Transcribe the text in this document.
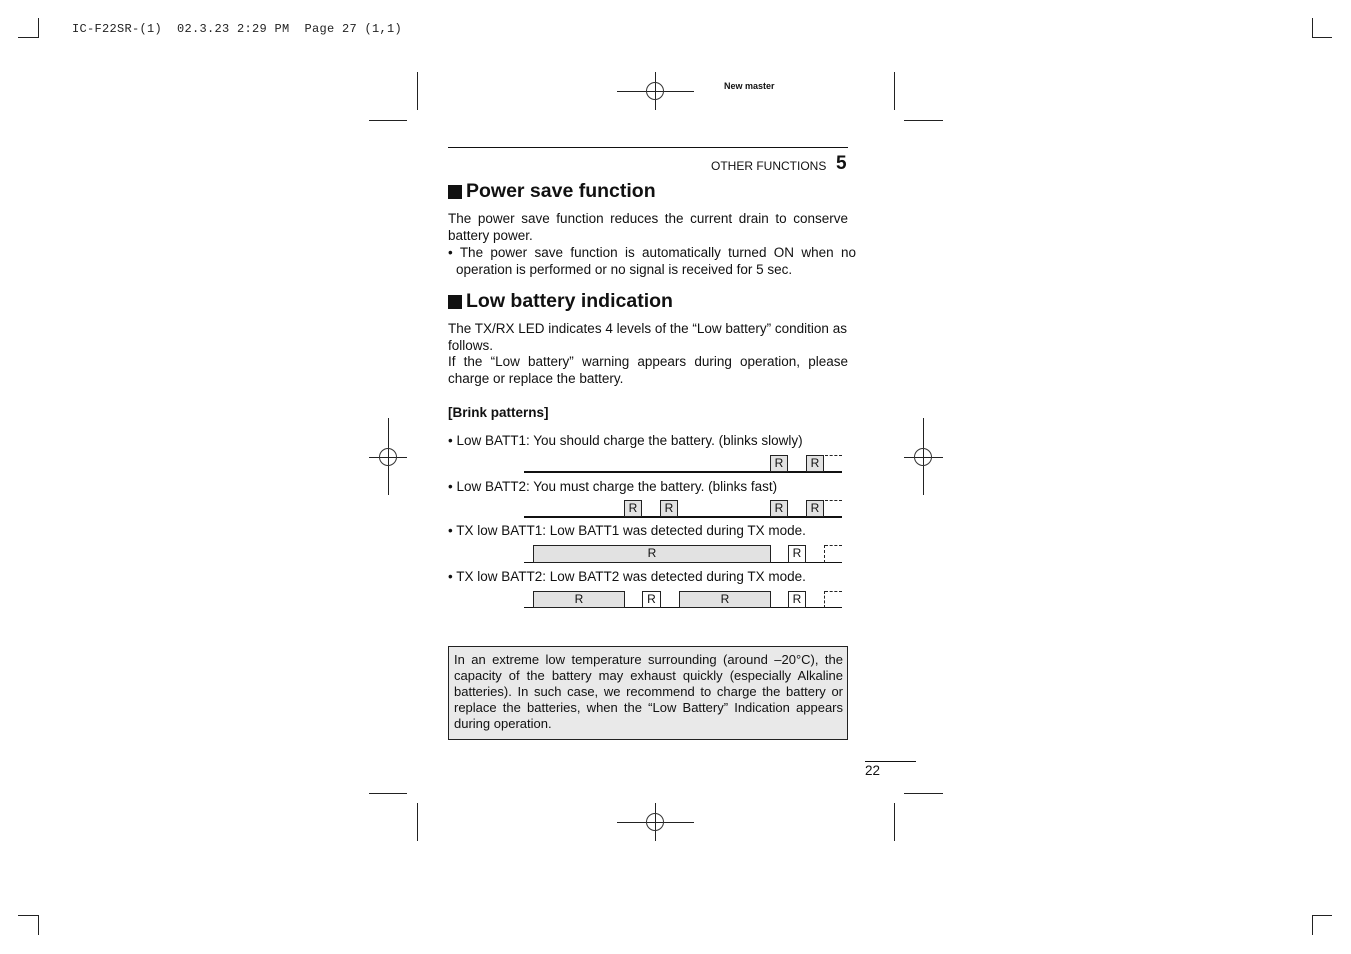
IC-F22SR-(1)  02.3.23 2:29 PM  Page 27 (1,1)
New master
OTHER FUNCTIONS 5
Power save function
The power save function reduces the current drain to conserve battery power.
• The power save function is automatically turned ON when no operation is performed or no signal is received for 5 sec.
Low battery indication
The TX/RX LED indicates 4 levels of the “Low battery” condition as follows.
If the “Low battery” warning appears during operation, please charge or replace the battery.
[Brink patterns]
• Low BATT1: You should charge the battery. (blinks slowly)
R	R
• Low BATT2: You must charge the battery. (blinks fast)
R	R	R	R
• TX low BATT1: Low BATT1 was detected during TX mode.
R	R
• TX low BATT2: Low BATT2 was detected during TX mode.
R	R	R	R
In an extreme low temperature surrounding (around –20°C), the capacity of the battery may exhaust quickly (especially Alkaline batteries). In such case, we recommend to charge the battery or replace the batteries, when the “Low Battery” Indication appears during operation.
22
